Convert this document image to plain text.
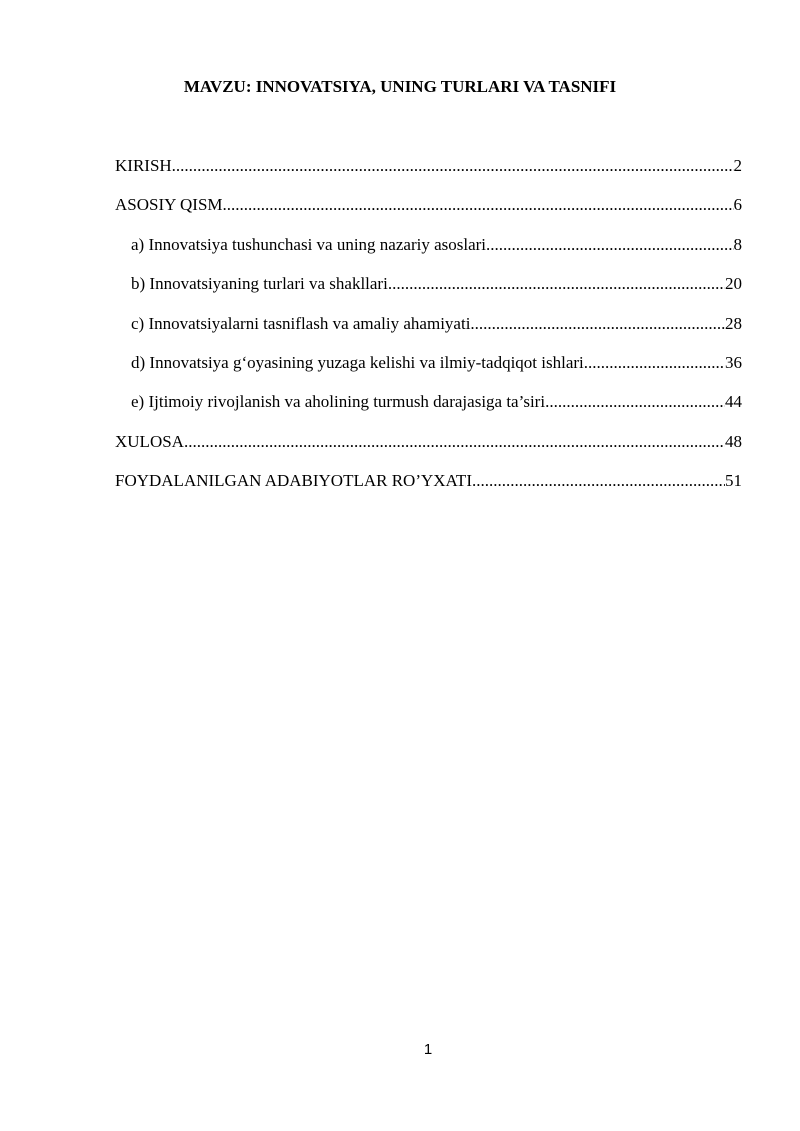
MAVZU: INNOVATSIYA, UNING TURLARI VA TASNIFI
KIRISH .....	2
ASOSIY QISM .....	6
a) Innovatsiya tushunchasi va uning nazariy asoslari .....	8
b) Innovatsiyaning turlari va shakllari .....	20
c) Innovatsiyalarni tasniflash va amaliy ahamiyati .....	28
d) Innovatsiya g‘oyasining yuzaga kelishi va ilmiy-tadqiqot ishlari .....	36
e) Ijtimoiy rivojlanish va aholining turmush darajasiga ta’siri .....	44
XULOSA .....	48
FOYDALANILGAN ADABIYOTLAR RO’YXATI .....	51
1
